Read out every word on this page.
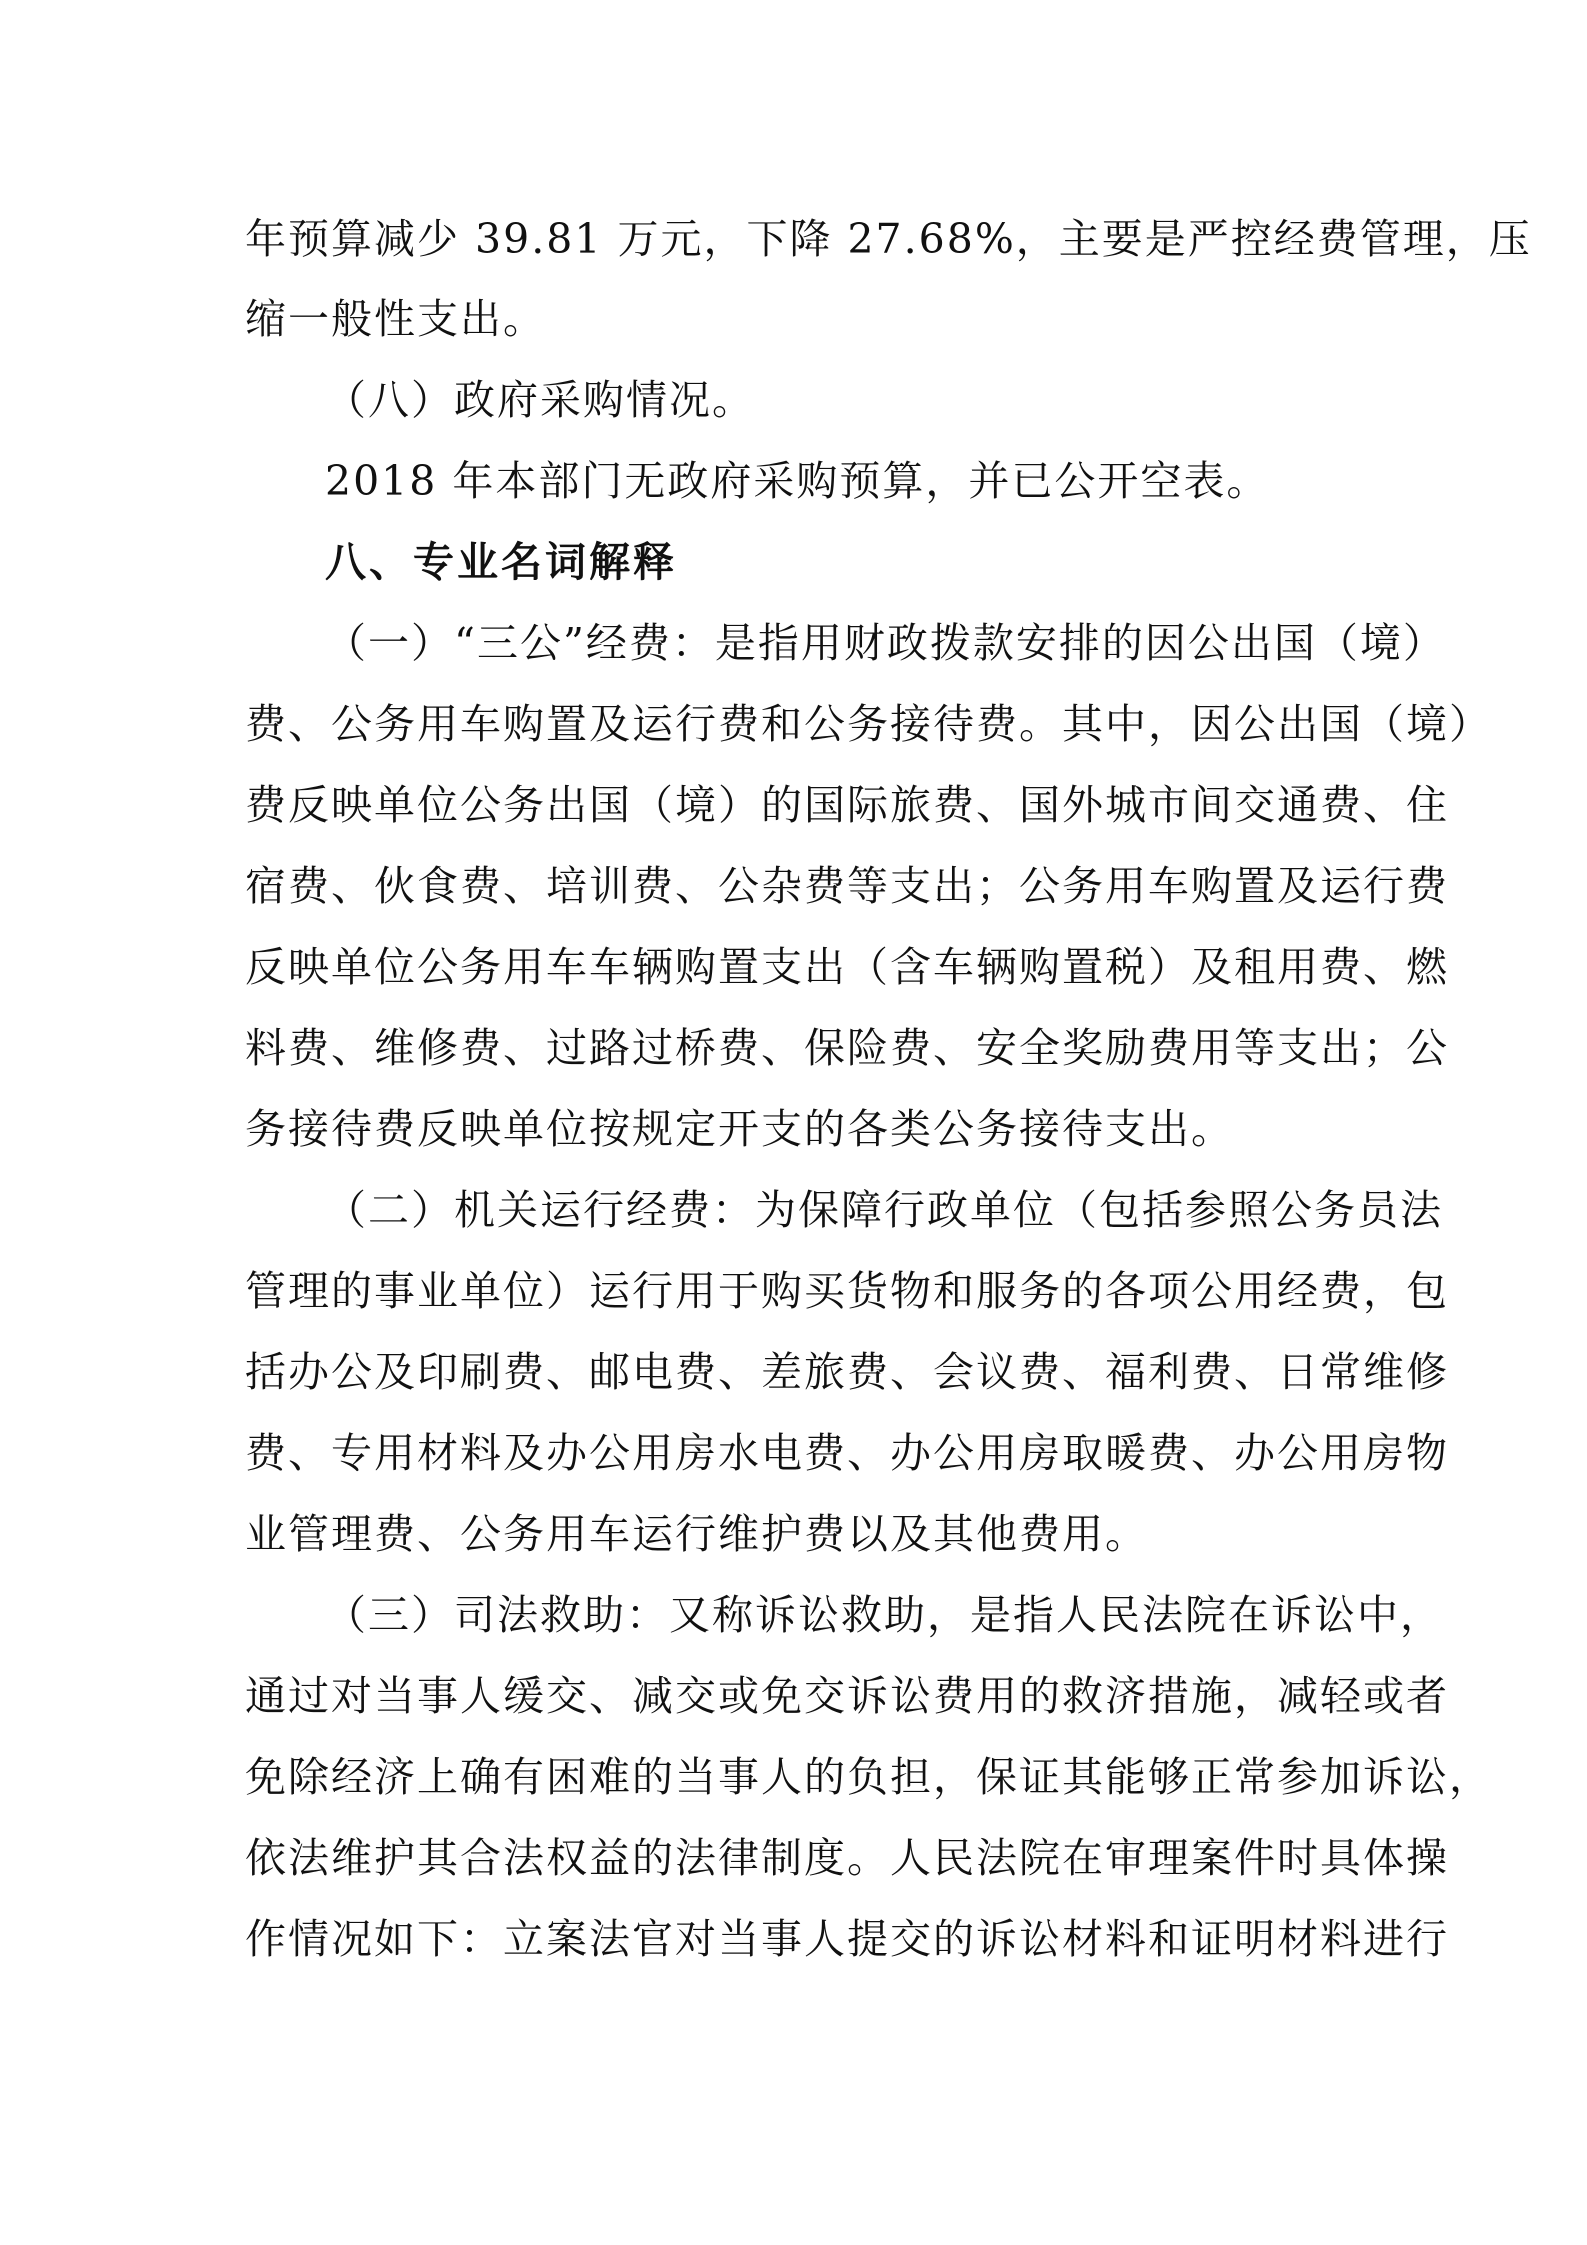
年预算减少 39.81 万元，下降 27.68%，主要是严控经费管理，压
缩一般性支出。
（八）政府采购情况。
2018 年本部门无政府采购预算，并已公开空表。
八、专业名词解释
（一）“三公”经费：是指用财政拨款安排的因公出国（境）
费、公务用车购置及运行费和公务接待费。其中，因公出国（境）
费反映单位公务出国（境）的国际旅费、国外城市间交通费、住
宿费、伙食费、培训费、公杂费等支出；公务用车购置及运行费
反映单位公务用车车辆购置支出（含车辆购置税）及租用费、燃
料费、维修费、过路过桥费、保险费、安全奖励费用等支出；公
务接待费反映单位按规定开支的各类公务接待支出。
（二）机关运行经费：为保障行政单位（包括参照公务员法
管理的事业单位）运行用于购买货物和服务的各项公用经费，包
括办公及印刷费、邮电费、差旅费、会议费、福利费、日常维修
费、专用材料及办公用房水电费、办公用房取暖费、办公用房物
业管理费、公务用车运行维护费以及其他费用。
（三）司法救助：又称诉讼救助，是指人民法院在诉讼中，
通过对当事人缓交、减交或免交诉讼费用的救济措施，减轻或者
免除经济上确有困难的当事人的负担，保证其能够正常参加诉讼，
依法维护其合法权益的法律制度。人民法院在审理案件时具体操
作情况如下：立案法官对当事人提交的诉讼材料和证明材料进行
